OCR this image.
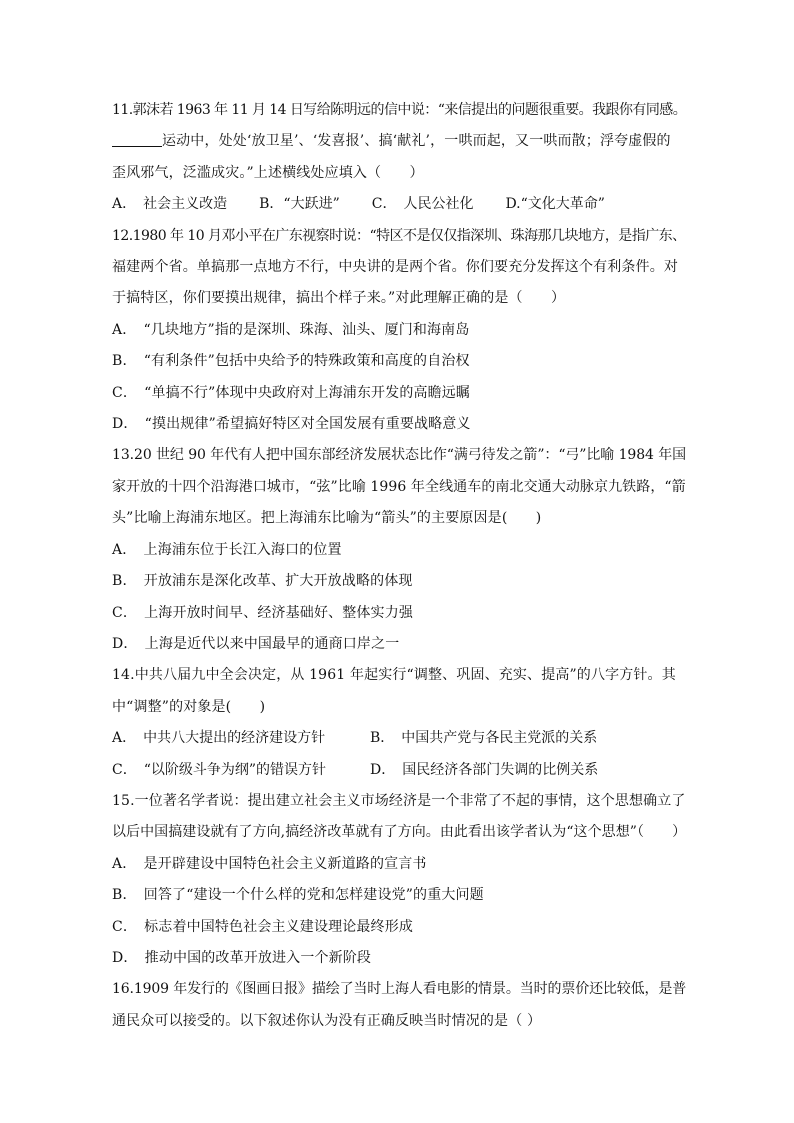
11.郭沫若 1963 年 11 月 14 日写给陈明远的信中说：“来信提出的问题很重要。我跟你有同感。
运动中，处处‘放卫星’、‘发喜报’、搞‘献礼’，一哄而起，又一哄而散；浮夸虚假的
歪风邪气，泛滥成灾。”上述横线处应填入（　　）
A．　社会主义改造 B．“大跃进” C．　人民公社化 D.“文化大革命”
12.1980 年 10 月邓小平在广东视察时说：“特区不是仅仅指深圳、珠海那几块地方，是指广东、
福建两个省。单搞那一点地方不行，中央讲的是两个省。你们要充分发挥这个有利条件。对
于搞特区，你们要摸出规律，搞出个样子来。”对此理解正确的是（　　）
A．　“几块地方”指的是深圳、珠海、汕头、厦门和海南岛
B．　“有利条件”包括中央给予的特殊政策和高度的自治权
C．　“单搞不行”体现中央政府对上海浦东开发的高瞻远瞩
D．　“摸出规律”希望搞好特区对全国发展有重要战略意义
13.20 世纪 90 年代有人把中国东部经济发展状态比作“满弓待发之箭”：“弓”比喻 1984 年国
家开放的十四个沿海港口城市，“弦”比喻 1996 年全线通车的南北交通大动脉京九铁路，“箭
头”比喻上海浦东地区。把上海浦东比喻为“箭头”的主要原因是(　　)
A．　上海浦东位于长江入海口的位置
B．　开放浦东是深化改革、扩大开放战略的体现
C．　上海开放时间早、经济基础好、整体实力强
D．　上海是近代以来中国最早的通商口岸之一
14.中共八届九中全会决定，从 1961 年起实行“调整、巩固、充实、提高”的八字方针。其
中“调整”的对象是(　　)
A．　中共八大提出的经济建设方针	B．　中国共产党与各民主党派的关系
C．　“以阶级斗争为纲”的错误方针	D．　国民经济各部门失调的比例关系
15.一位著名学者说：提出建立社会主义市场经济是一个非常了不起的事情，这个思想确立了
以后中国搞建设就有了方向,搞经济改革就有了方向。由此看出该学者认为“这个思想”（　　）
A．　是开辟建设中国特色社会主义新道路的宣言书
B．　回答了“建设一个什么样的党和怎样建设党”的重大问题
C．　标志着中国特色社会主义建设理论最终形成
D．　推动中国的改革开放进入一个新阶段
16.1909 年发行的《图画日报》描绘了当时上海人看电影的情景。当时的票价还比较低，是普
通民众可以接受的。以下叙述你认为没有正确反映当时情况的是（ ）
